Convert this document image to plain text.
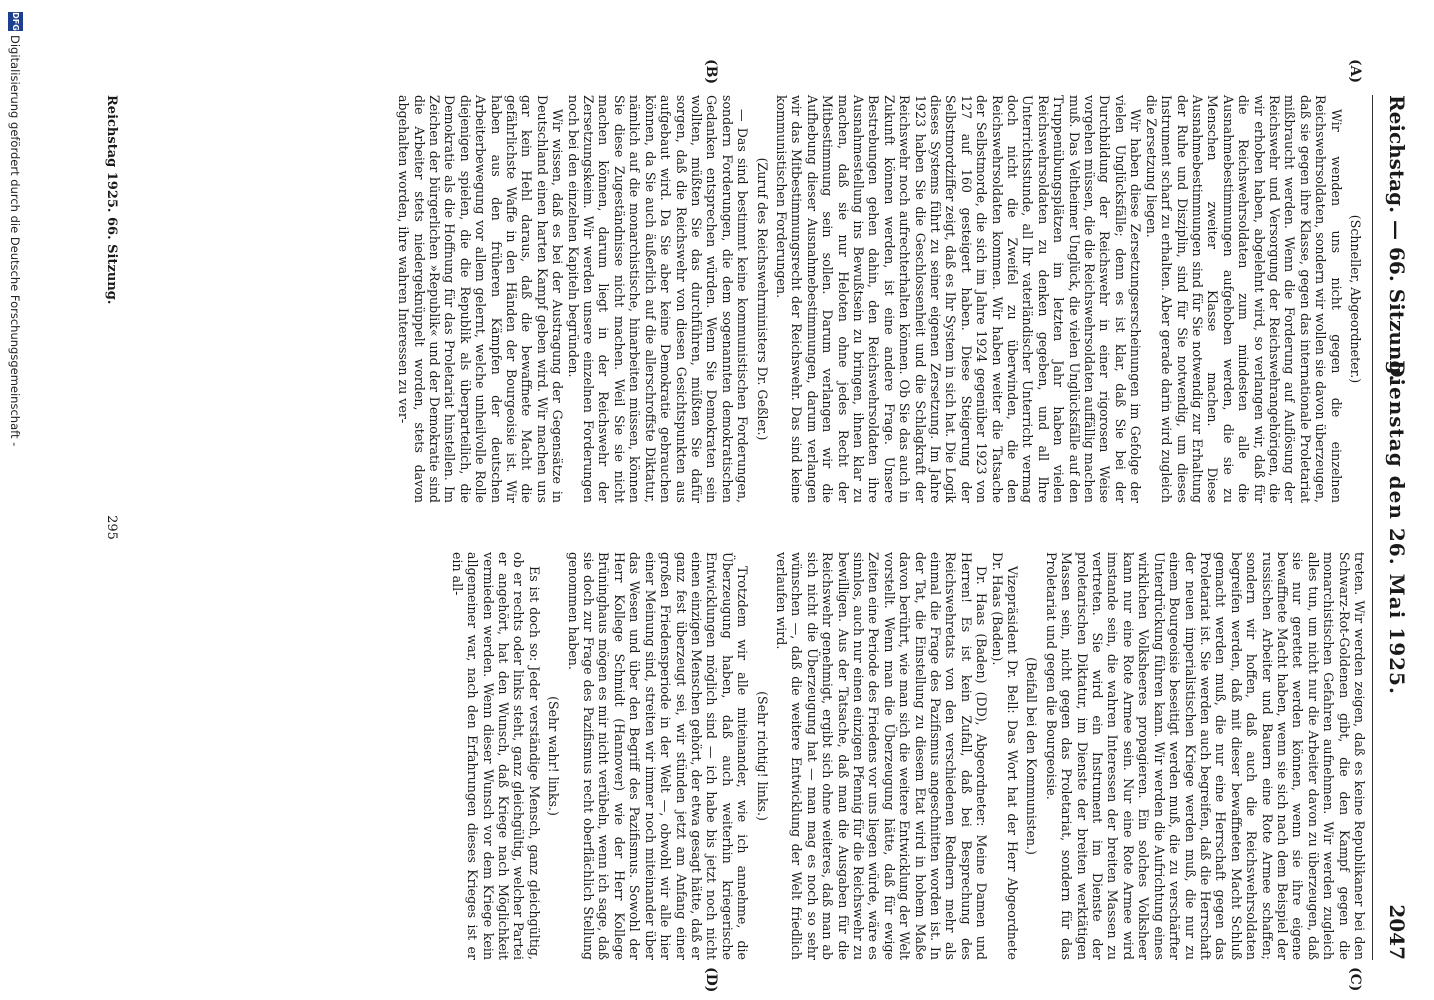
Reichstag. — 66. Sitzung.
Dienstag den 26. Mai 1925.
2047
(A)
(B)
(C)
(D)

(Schneller, Abgeordneter.)

Wir wenden uns nicht gegen die einzelnen Reichswehrsoldaten, sondern wir wollen sie davon überzeugen, daß sie gegen ihre Klasse, gegen das internationale Proletariat mißbraucht werden. Wenn die Forderung auf Auflösung der Reichswehr und Versorgung der Reichswehrangehörigen, die wir erhoben haben, abgelehnt wird, so verlangen wir, daß für die Reichswehrsoldaten zum mindesten alle die Ausnahmebestimmungen aufgehoben werden, die sie zu Menschen zweiter Klasse machen. Diese Ausnahmebestimmungen sind für Sie notwendig zur Erhaltung der Ruhe und Disziplin, sind für Sie notwendig, um dieses Instrument scharf zu erhalten. Aber gerade darin wird zugleich die Zersetzung liegen.

Wir haben diese Zersetzungserscheinungen im Gefolge der vielen Unglücksfälle; denn es ist klar, daß Sie bei der Durchbildung der Reichswehr in einer rigorosen Weise vorgehen müssen, die die Reichswehrsoldaten auffällig machen muß. Das Veltheimer Unglück, die vielen Unglücksfälle auf den Truppenübungsplätzen im letzten Jahr haben vielen Reichswehrsoldaten zu denken gegeben, und all Ihre Unterrichtsstunde, all Ihr vaterländischer Unterricht vermag doch nicht die Zweifel zu überwinden, die den Reichswehrsoldaten kommen. Wir haben weiter die Tatsache der Selbstmorde, die sich im Jahre 1924 gegenüber 1923 von 127 auf 160 gesteigert haben. Diese Steigerung der Selbstmordziffer zeigt, daß es Ihr System in sich hat. Die Logik dieses Systems führt zu seiner eigenen Zersetzung. Im Jahre 1923 haben Sie die Geschlossenheit und die Schlagkraft der Reichswehr noch aufrechterhalten können. Ob Sie das auch in Zukunft können werden, ist eine andere Frage. Unsere Bestrebungen gehen dahin, den Reichswehrsoldaten ihre Ausnahmestellung ins Bewußtsein zu bringen, ihnen klar zu machen, daß sie nur Heloten ohne jedes Recht der Mitbestimmung sein sollen. Darum verlangen wir die Aufhebung dieser Ausnahmebestimmungen, darum verlangen wir das Mitbestimmungsrecht der Reichswehr. Das sind keine kommunistischen Forderungen.

(Zuruf des Reichswehrministers Dr. Geßler.)

— Das sind bestimmt keine kommunistischen Forderungen, sondern Forderungen, die dem sogenannten demokratischen Gedanken entsprechen würden. Wenn Sie Demokraten sein wollten, müßten Sie das durchführen, müßten Sie dafür sorgen, daß die Reichswehr von diesen Gesichtspunkten aus aufgebaut wird. Da Sie aber keine Demokratie gebrauchen können, da Sie auch äußerlich auf die allerschroffste Diktatur, nämlich auf die monarchistische, hinarbeiten müssen, können Sie diese Zugeständnisse nicht machen. Weil Sie sie nicht machen können, darum liegt in der Reichswehr der Zersetzungskeim. Wir werden unsere einzelnen Forderungen noch bei den einzelnen Kapiteln begründen.

Wir wissen, daß es bei der Austragung der Gegensätze in Deutschland einen harten Kampf geben wird. Wir machen uns gar kein Hehl daraus, daß die bewaffnete Macht die gefährlichste Waffe in den Händen der Bourgeoisie ist. Wir haben aus den früheren Kämpfen der deutschen Arbeiterbewegung vor allem gelernt, welche unheilvolle Rolle diejenigen spielen, die die Republik als überparteilich, die Demokratie als die Hoffnung für das Proletariat hinstellen. Im Zeichen der bürgerlichen »Republik« und der Demokratie sind die Arbeiter stets niedergeknüppelt worden, stets davon abgehalten worden, ihre wahren Interessen zu ver-

treten. Wir werden zeigen, daß es keine Republikaner bei den Schwarz-Rot-Goldenen gibt, die den Kampf gegen die monarchistischen Gefahren aufnehmen. Wir werden zugleich alles tun, um nicht nur die Arbeiter davon zu überzeugen, daß sie nur gerettet werden können, wenn sie ihre eigene bewaffnete Macht haben, wenn sie sich nach dem Beispiel der russischen Arbeiter und Bauern eine Rote Armee schaffen; sondern wir hoffen, daß auch die Reichswehrsoldaten begreifen werden, daß mit dieser bewaffneten Macht Schluß gemacht werden muß, die nur eine Herrschaft gegen das Proletariat ist. Sie werden auch begreifen, daß die Herrschaft der neuen imperialistischen Kriege werden muß, die nur zu einem Bourgeoisie beseitigt werden muß, die zu verschärfter Unterdrückung führen kann. Wir werden die Aufrichtung eines wirklichen Volksheeres propagieren. Ein solches Volksheer kann nur eine Rote Armee sein. Nur eine Rote Armee wird imstande sein, die wahren Interessen der breiten Massen zu vertreten. Sie wird ein Instrument im Dienste der proletarischen Diktatur, im Dienste der breiten werktätigen Massen sein, nicht gegen das Proletariat, sondern für das Proletariat und gegen die Bourgeoisie.

(Beifall bei den Kommunisten.)

Vizepräsident Dr. Bell: Das Wort hat der Herr Abgeordnete Dr. Haas (Baden).

Dr. Haas (Baden) (DD), Abgeordneter: Meine Damen und Herren! Es ist kein Zufall, daß bei Besprechung des Reichswehretats von den verschiedenen Rednern mehr als einmal die Frage des Pazifismus angeschnitten worden ist. In der Tat, die Einstellung zu diesem Etat wird in hohem Maße davon berührt, wie man sich die weitere Entwicklung der Welt vorstellt. Wenn man die Überzeugung hätte, daß für ewige Zeiten eine Periode des Friedens vor uns liegen würde, wäre es sinnlos, auch nur einen einzigen Pfennig für die Reichswehr zu bewilligen. Aus der Tatsache, daß man die Ausgaben für die Reichswehr genehmigt, ergibt sich ohne weiteres, daß man ab sich nicht die Überzeugung hat — man mag es noch so sehr wünschen —, daß die weitere Entwicklung der Welt friedlich verlaufen wird.

(Sehr richtig! links.)

Trotzdem wir alle miteinander, wie ich annehme, die Überzeugung haben, daß auch weiterhin kriegerische Entwicklungen möglich sind — ich habe bis jetzt noch nicht einen einzigen Menschen gehört, der etwa gesagt hätte, daß er ganz fest überzeugt sei, wir stünden jetzt am Anfang einer großen Friedensperiode in der Welt —, obwohl wir alle hier einer Meinung sind, streiten wir immer noch miteinander über das Wesen und über den Begriff des Pazifismus. Sowohl der Herr Kollege Schmidt (Hannover) wie der Herr Kollege Brüninghaus mögen es mir nicht verübeln, wenn ich sage, daß sie doch zur Frage des Pazifismus recht oberflächlich Stellung genommen haben.

(Sehr wahr! links.)

Es ist doch so: Jeder verständige Mensch, ganz gleichgültig, ob er rechts oder links steht, ganz gleichgültig, welcher Partei er angehört, hat den Wunsch, daß Kriege nach Möglichkeit vermieden werden. Wenn dieser Wunsch vor dem Kriege kein allgemeiner war, nach den Erfahrungen dieses Krieges ist er ein all-

Reichstag 1925. 66. Sitzung.
295
DFG
Digitalisierung gefördert durch die Deutsche Forschungsgemeinschaft -
